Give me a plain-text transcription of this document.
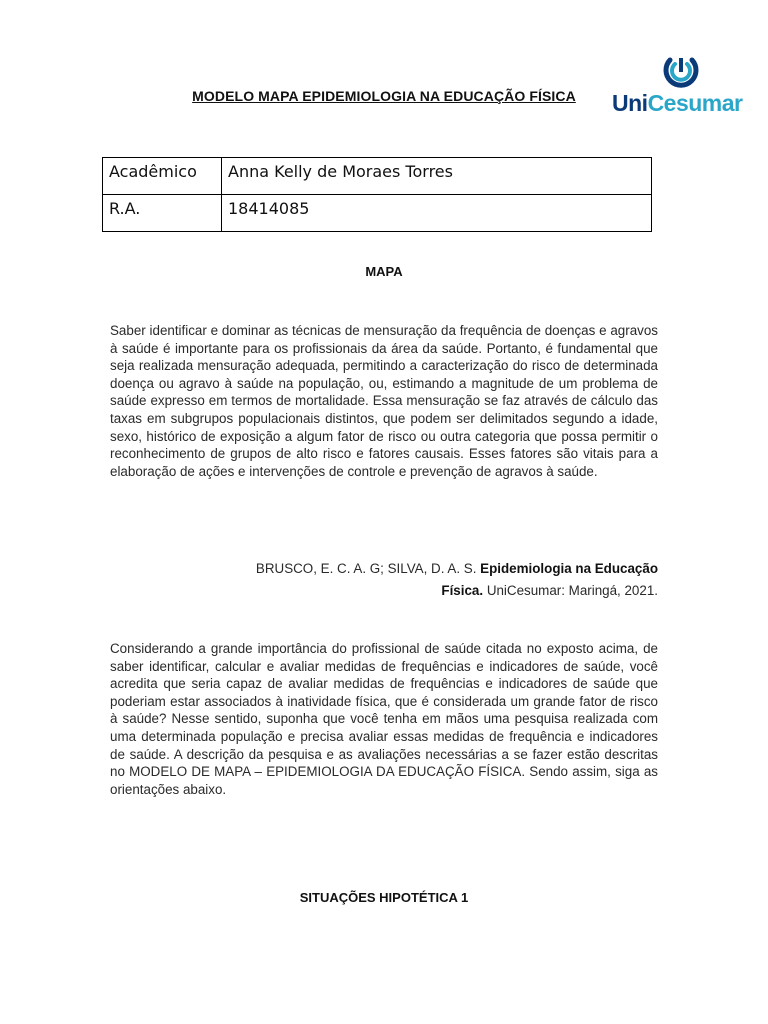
MODELO MAPA EPIDEMIOLOGIA NA EDUCAÇÃO FÍSICA	UniCesumar
Acadêmico	Anna Kelly de Moraes Torres
R.A.	18414085
MAPA
Saber identificar e dominar as técnicas de mensuração da frequência de doenças e agravos à saúde é importante para os profissionais da área da saúde. Portanto, é fundamental que seja realizada mensuração adequada, permitindo a caracterização do risco de determinada doença ou agravo à saúde na população, ou, estimando a magnitude de um problema de saúde expresso em termos de mortalidade. Essa mensuração se faz através de cálculo das taxas em subgrupos populacionais distintos, que podem ser delimitados segundo a idade, sexo, histórico de exposição a algum fator de risco ou outra categoria que possa permitir o reconhecimento de grupos de alto risco e fatores causais. Esses fatores são vitais para a elaboração de ações e intervenções de controle e prevenção de agravos à saúde.
BRUSCO, E. C. A. G; SILVA, D. A. S. Epidemiologia na Educação
Física. UniCesumar: Maringá, 2021.
Considerando a grande importância do profissional de saúde citada no exposto acima, de saber identificar, calcular e avaliar medidas de frequências e indicadores de saúde, você acredita que seria capaz de avaliar medidas de frequências e indicadores de saúde que poderiam estar associados à inatividade física, que é considerada um grande fator de risco à saúde? Nesse sentido, suponha que você tenha em mãos uma pesquisa realizada com uma determinada população e precisa avaliar essas medidas de frequência e indicadores de saúde. A descrição da pesquisa e as avaliações necessárias a se fazer estão descritas no MODELO DE MAPA – EPIDEMIOLOGIA DA EDUCAÇÃO FÍSICA. Sendo assim, siga as orientações abaixo.
SITUAÇÕES HIPOTÉTICA 1
